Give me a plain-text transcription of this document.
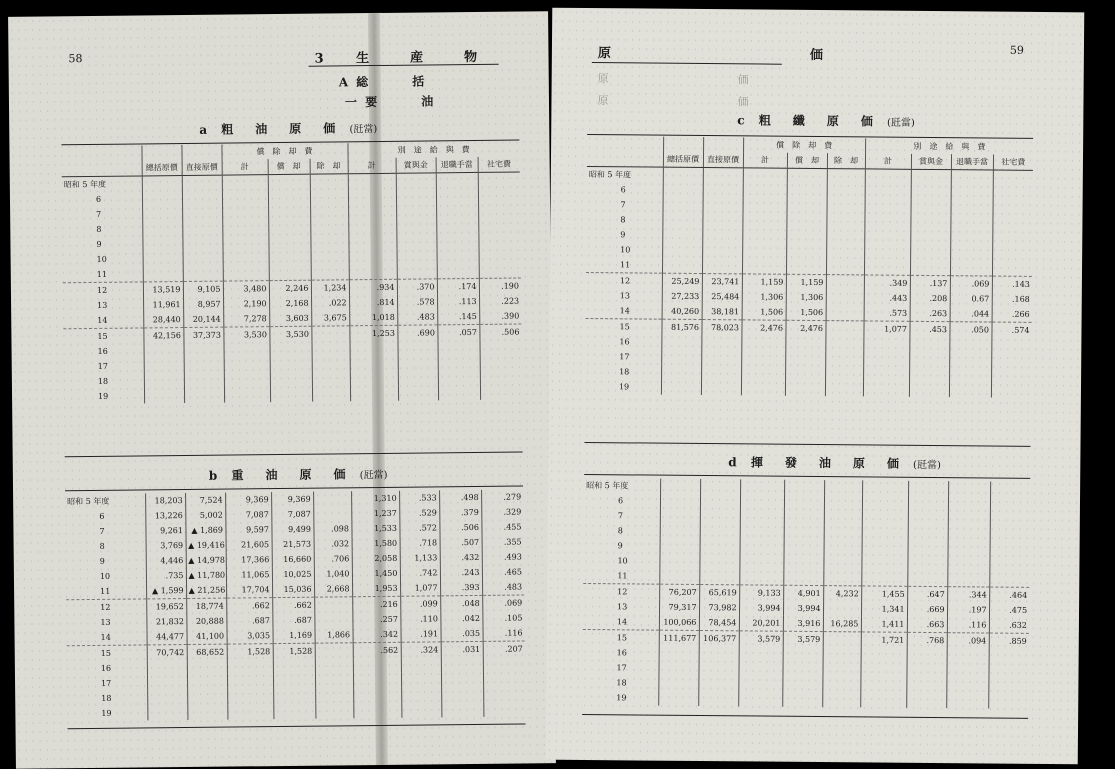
58	3 生　産　物
A 総　　　括
一 要　　　油
a 粗　油　原　価 (瓩當)
			償　除　却　費			別　途　給　與　費			
	總括原價	直接原價	計	償　却	除　却	計	賞與金	退職手當	社宅費
昭和 5 年度									
6									
7									
8									
9									
10									
11									
12	13,519	9,105	3,480	2,246	1,234	.934	.370	.174	.190
13	11,961	8,957	2,190	2,168	.022	.814	.578	.113	.223
14	28,440	20,144	7,278	3,603	3,675	1,018	.483	.145	.390
15	42,156	37,373	3,530	3,530		1,253	.690	.057	.506
16									
17									
18									
19									
b 重　油　原　価 (瓩當)
昭和 5 年度	18,203	7,524	9,369	9,369		1,310	.533	.498	.279
6	13,226	5,002	7,087	7,087		1,237	.529	.379	.329
7	9,261	▲ 1,869	9,597	9,499	.098	1,533	.572	.506	.455
8	3,769	▲ 19,416	21,605	21,573	.032	1,580	.718	.507	.355
9	4,446	▲ 14,978	17,366	16,660	.706	2,058	1,133	.432	.493
10	.735	▲ 11,780	11,065	10,025	1,040	1,450	.742	.243	.465
11	▲ 1,599	▲ 21,256	17,704	15,036	2,668	1,953	1,077	.393	.483
12	19,652	18,774	.662	.662		.216	.099	.048	.069
13	21,832	20,888	.687	.687		.257	.110	.042	.105
14	44,477	41,100	3,035	1,169	1,866	.342	.191	.035	.116
15	70,742	68,652	1,528	1,528		.562	.324	.031	.207
16									
17									
18									
19									
原　　　価	59
原　　　価
原　　　価
c 粗　纖　原　価 (瓩當)
			償　除　却　費			別　途　給　與　費			
	總括原價	直接原價	計	償　却	除　却	計	賞與金	退職手當	社宅費
昭和 5 年度									
6									
7									
8									
9									
10									
11									
12	25,249	23,741	1,159	1,159		.349	.137	.069	.143
13	27,233	25,484	1,306	1,306		.443	.208	0.67	.168
14	40,260	38,181	1,506	1,506		.573	.263	.044	.266
15	81,576	78,023	2,476	2,476		1,077	.453	.050	.574
16									
17									
18									
19									
d 揮　發　油　原　価 (瓩當)
昭和 5 年度									
6									
7									
8									
9									
10									
11									
12	76,207	65,619	9,133	4,901	4,232	1,455	.647	.344	.464
13	79,317	73,982	3,994	3,994		1,341	.669	.197	.475
14	100,066	78,454	20,201	3,916	16,285	1,411	.663	.116	.632
15	111,677	106,377	3,579	3,579		1,721	.768	.094	.859
16									
17									
18									
19									
